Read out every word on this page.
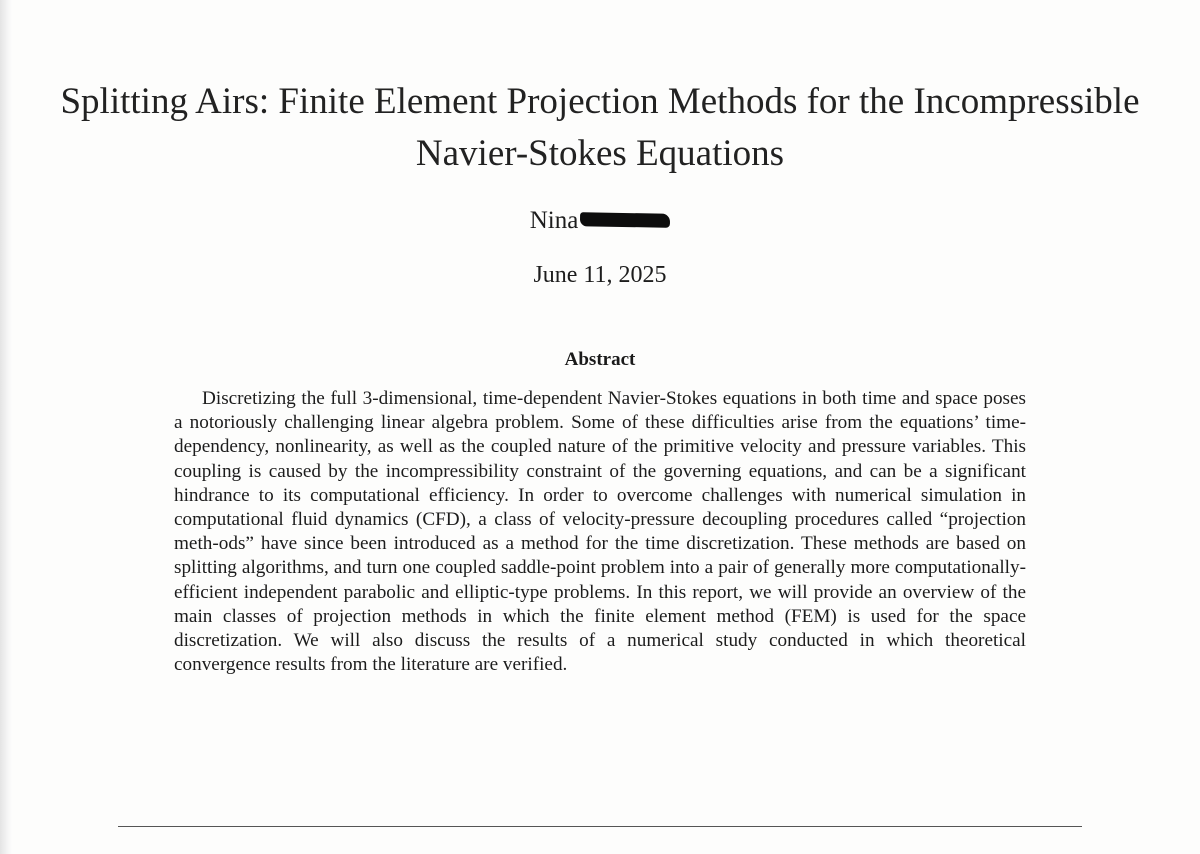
Splitting Airs: Finite Element Projection Methods for the Incompressible Navier-Stokes Equations
Nina
June 11, 2025
Abstract

Discretizing the full 3-dimensional, time-dependent Navier-Stokes equations in both time and space poses a notoriously challenging linear algebra problem. Some of these difficulties arise from the equations’ time-dependency, nonlinearity, as well as the coupled nature of the primitive velocity and pressure variables. This coupling is caused by the incompressibility constraint of the governing equations, and can be a significant hindrance to its computational efficiency. In order to overcome challenges with numerical simulation in computational fluid dynamics (CFD), a class of velocity-pressure decoupling procedures called “projection meth-ods” have since been introduced as a method for the time discretization. These methods are based on splitting algorithms, and turn one coupled saddle-point problem into a pair of generally more computationally-efficient independent parabolic and elliptic-type problems. In this report, we will provide an overview of the main classes of projection methods in which the finite element method (FEM) is used for the space discretization. We will also discuss the results of a numerical study conducted in which theoretical convergence results from the literature are verified.
